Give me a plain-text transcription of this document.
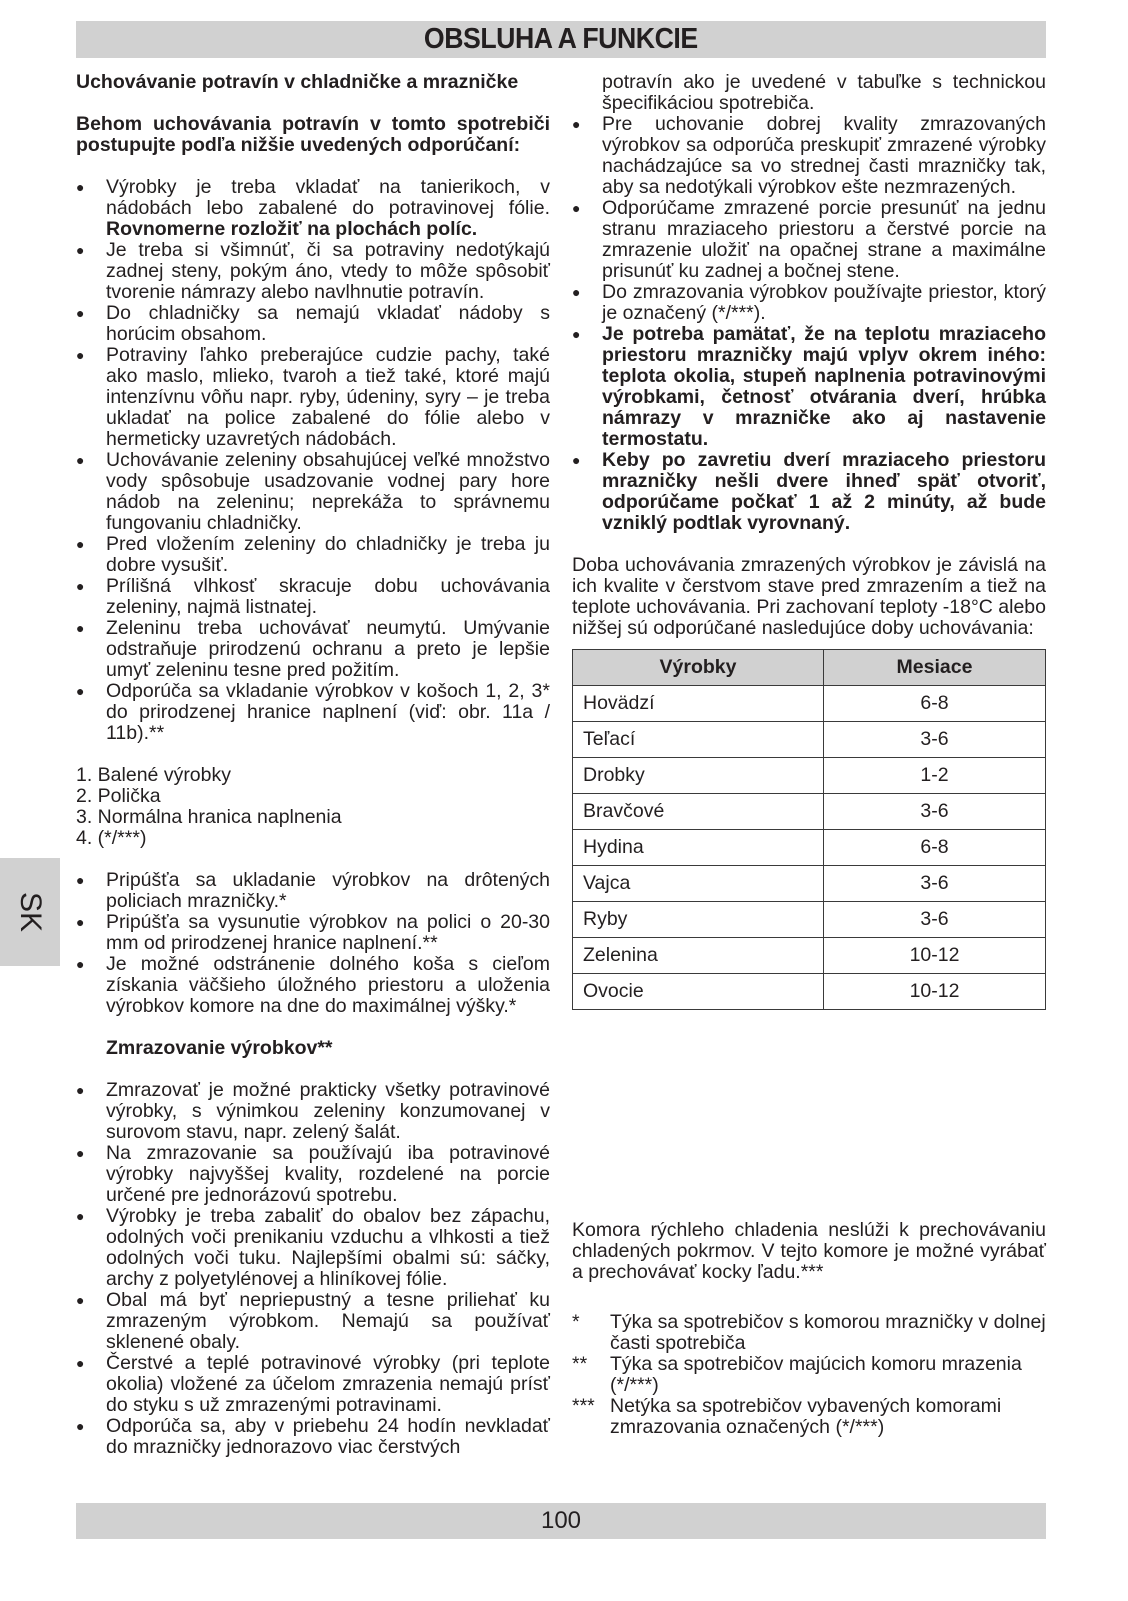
OBSLUHA A FUNKCIE
SK

Uchovávanie potravín v chladničke a mrazničke

Behom uchovávania potravín v tomto spotrebiči postupujte podľa nižšie uvedených odporúčaní:

● Výrobky je treba vkladať na tanierikoch, v nádobách lebo zabalené do potravinovej fólie. Rovnomerne rozložiť na plochách políc.
● Je treba si všimnúť, či sa potraviny nedotýkajú zadnej steny, pokým áno, vtedy to môže spôsobiť tvorenie námrazy alebo navlhnutie potravín.
● Do chladničky sa nemajú vkladať nádoby s horúcim obsahom.
● Potraviny ľahko preberajúce cudzie pachy, také ako maslo, mlieko, tvaroh a tiež také, ktoré majú intenzívnu vôňu napr. ryby, údeniny, syry – je treba ukladať na police zabalené do fólie alebo v hermeticky uzavretých nádobách.
● Uchovávanie zeleniny obsahujúcej veľké množstvo vody spôsobuje usadzovanie vodnej pary hore nádob na zeleninu; neprekáža to správnemu fungovaniu chladničky.
● Pred vložením zeleniny do chladničky je treba ju dobre vysušiť.
● Prílišná vlhkosť skracuje dobu uchovávania zeleniny, najmä listnatej.
● Zeleninu treba uchovávať neumytú. Umývanie odstraňuje prirodzenú ochranu a preto je lepšie umyť zeleninu tesne pred požitím.
● Odporúča sa vkladanie výrobkov v košoch 1, 2, 3* do prirodzenej hranice naplnení (viď: obr. 11a / 11b).**
1. Balené výrobky
2. Polička
3. Normálna hranica naplnenia
4. (*/***)
● Pripúšťa sa ukladanie výrobkov na drôtených policiach mrazničky.*
● Pripúšťa sa vysunutie výrobkov na polici o 20-30 mm od prirodzenej hranice naplnení.**
● Je možné odstránenie dolného koša s cieľom získania väčšieho úložného priestoru a uloženia výrobkov komore na dne do maximálnej výšky.*
Zmrazovanie výrobkov**
● Zmrazovať je možné prakticky všetky potravinové výrobky, s výnimkou zeleniny konzumovanej v surovom stavu, napr. zelený šalát.
● Na zmrazovanie sa používajú iba potravinové výrobky najvyššej kvality, rozdelené na porcie určené pre jednorázovú spotrebu.
● Výrobky je treba zabaliť do obalov bez zápachu, odolných voči prenikaniu vzduchu a vlhkosti a tiež odolných voči tuku. Najlepšími obalmi sú: sáčky, archy z polyetylénovej a hliníkovej fólie.
● Obal má byť nepriepustný a tesne priliehať ku zmrazeným výrobkom. Nemajú sa používať sklenené obaly.
● Čerstvé a teplé potravinové výrobky (pri teplote okolia) vložené za účelom zmrazenia nemajú prísť do styku s už zmrazenými potravinami.
● Odporúča sa, aby v priebehu 24 hodín nevkladať do mrazničky jednorazovo viac čerstvých
potravín ako je uvedené v tabuľke s technickou špecifikáciou spotrebiča.
● Pre uchovanie dobrej kvality zmrazovaných výrobkov sa odporúča preskupiť zmrazené výrobky nachádzajúce sa vo strednej časti mrazničky tak, aby sa nedotýkali výrobkov ešte nezmrazených.
● Odporúčame zmrazené porcie presunúť na jednu stranu mraziaceho priestoru a čerstvé porcie na zmrazenie uložiť na opačnej strane a maximálne prisunúť ku zadnej a bočnej stene.
● Do zmrazovania výrobkov používajte priestor, ktorý je označený (*/***).
● Je potreba pamätať, že na teplotu mraziaceho priestoru mrazničky majú vplyv okrem iného: teplota okolia, stupeň naplnenia potravinovými výrobkami, četnosť otvárania dverí, hrúbka námrazy v mrazničke ako aj nastavenie termostatu.
● Keby po zavretiu dverí mraziaceho priestoru mrazničky nešli dvere ihneď späť otvoriť, odporúčame počkať 1 až 2 minúty, až bude vzniklý podtlak vyrovnaný.

Doba uchovávania zmrazených výrobkov je závislá na ich kvalite v čerstvom stave pred zmrazením a tiež na teplote uchovávania. Pri zachovaní teploty -18°C alebo nižšej sú odporúčané nasledujúce doby uchovávania:

Výrobky	Mesiace
Hovädzí	6-8
Teľací	3-6
Drobky	1-2
Bravčové	3-6
Hydina	6-8
Vajca	3-6
Ryby	3-6
Zelenina	10-12
Ovocie	10-12

Komora rýchleho chladenia neslúži k prechovávaniu chladených pokrmov. V tejto komore je možné vyrábať a prechovávať kocky ľadu.***

* Týka sa spotrebičov s komorou mrazničky v dolnej časti spotrebiča
** Týka sa spotrebičov majúcich komoru mrazenia (*/***)
*** Netýka sa spotrebičov vybavených komorami zmrazovania označených (*/***)
100
